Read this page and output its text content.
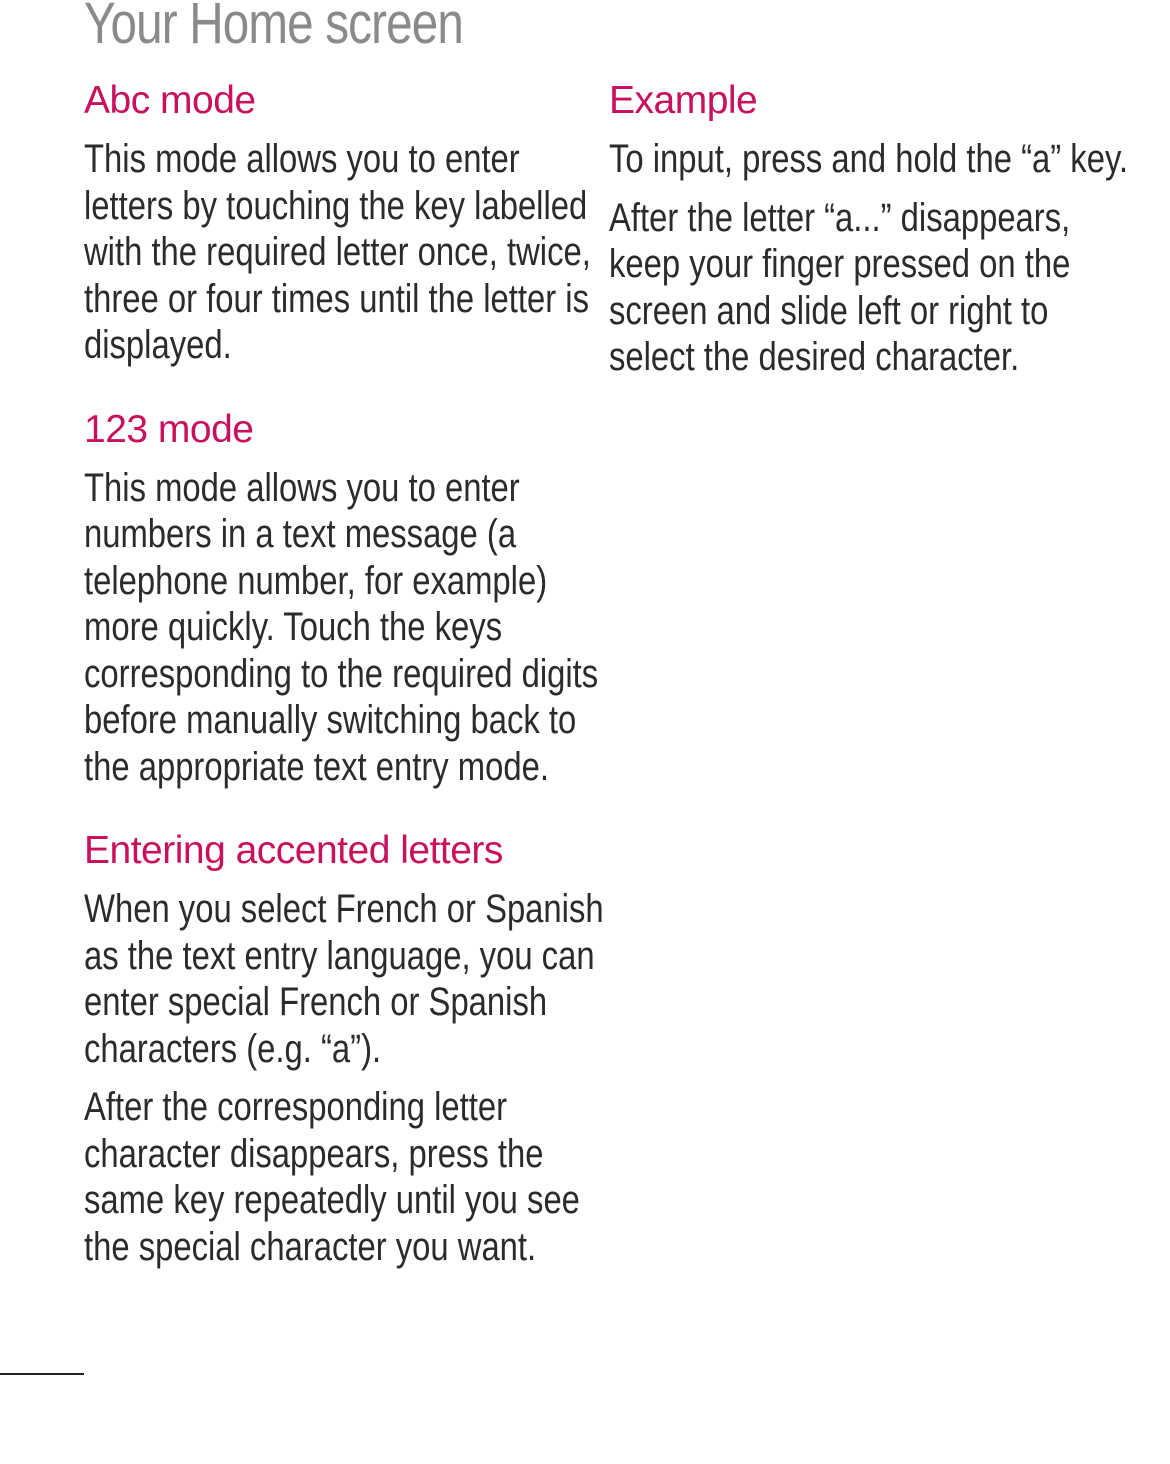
Your Home screen
Abc mode

This mode allows you to enter letters by touching the key labelled with the required letter once, twice, three or four times until the letter is displayed.

123 mode

This mode allows you to enter numbers in a text message (a telephone number, for example) more quickly. Touch the keys corresponding to the required digits before manually switching back to the appropriate text entry mode.

Entering accented letters

When you select French or Spanish as the text entry language, you can enter special French or Spanish characters (e.g. “a”).

After the corresponding letter character disappears, press the same key repeatedly until you see the special character you want.

Example

To input, press and hold the “a” key.

After the letter “a...” disappears, keep your finger pressed on the screen and slide left or right to select the desired character.
